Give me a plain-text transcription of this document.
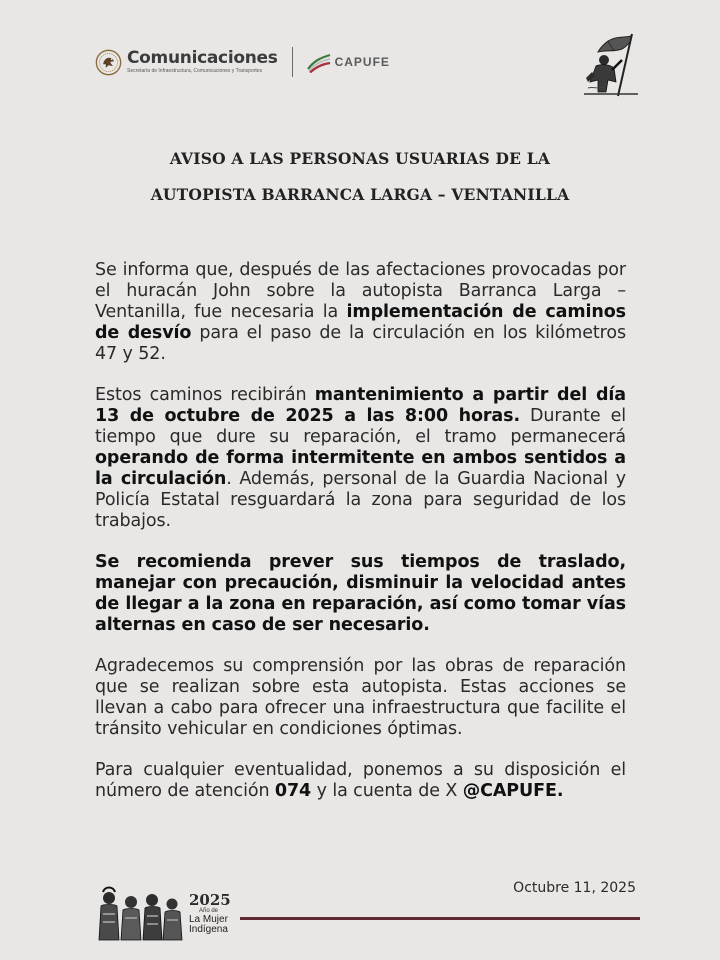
Comunicaciones
Secretaría de Infraestructura, Comunicaciones y Transportes
CAPUFE
AVISO A LAS PERSONAS USUARIAS DE LA
AUTOPISTA BARRANCA LARGA – VENTANILLA

Se informa que, después de las afectaciones provocadas por el huracán John sobre la autopista Barranca Larga – Ventanilla, fue necesaria la implementación de caminos de desvío para el paso de la circulación en los kilómetros 47 y 52.

Estos caminos recibirán mantenimiento a partir del día 13 de octubre de 2025 a las 8:00 horas. Durante el tiempo que dure su reparación, el tramo permanecerá operando de forma intermitente en ambos sentidos a la circulación. Además, personal de la Guardia Nacional y Policía Estatal resguardará la zona para seguridad de los trabajos.

Se recomienda prever sus tiempos de traslado, manejar con precaución, disminuir la velocidad antes de llegar a la zona en reparación, así como tomar vías alternas en caso de ser necesario.

Agradecemos su comprensión por las obras de reparación que se realizan sobre esta autopista. Estas acciones se llevan a cabo para ofrecer una infraestructura que facilite el tránsito vehicular en condiciones óptimas.

Para cualquier eventualidad, ponemos a su disposición el número de atención 074 y la cuenta de X @CAPUFE.

Octubre 11, 2025
2025
Año de
La Mujer
Indígena
